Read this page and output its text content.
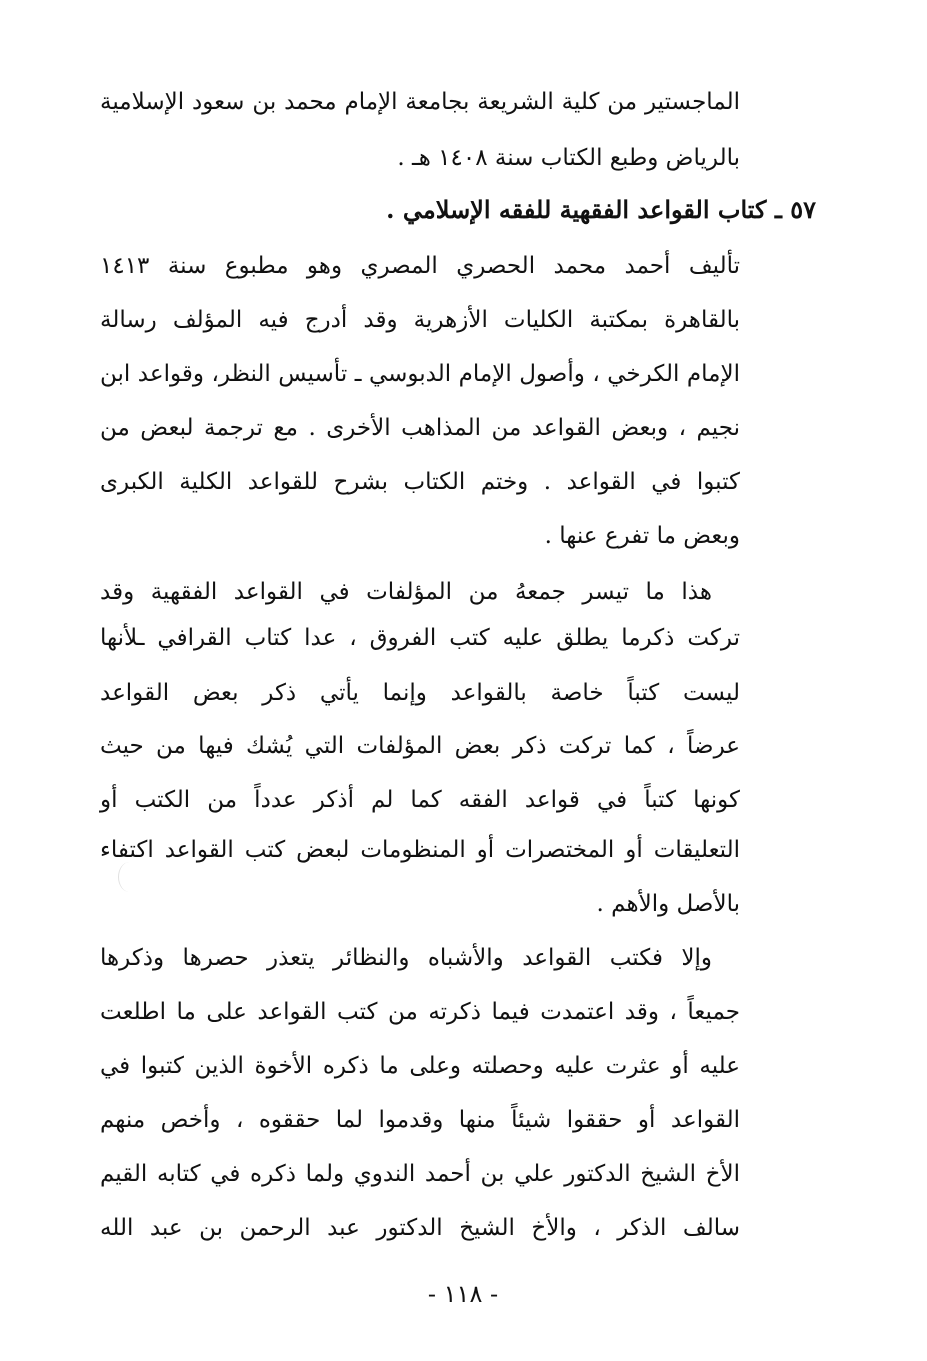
الماجستير من كلية الشريعة بجامعة الإمام محمد بن سعود الإسلامية
بالرياض وطبع الكتاب سنة ١٤٠٨ هـ .
٥٧ ـ كتاب القواعد الفقهية للفقه الإسلامي .
تأليف أحمد محمد الحصري المصري وهو مطبوع سنة ١٤١٣
بالقاهرة بمكتبة الكليات الأزهرية وقد أدرج فيه المؤلف رسالة
الإمام الكرخي ، وأصول الإمام الدبوسي ـ تأسيس النظر، وقواعد ابن
نجيم ، وبعض القواعد من المذاهب الأخرى . مع ترجمة لبعض من
كتبوا في القواعد . وختم الكتاب بشرح للقواعد الكلية الكبرى
وبعض ما تفرع عنها .
هذا ما تيسر جمعهُ من المؤلفات في القواعد الفقهية وقد
تركت ذكرما يطلق عليه كتب الفروق ، عدا كتاب القرافي ـلأنها
ليست كتباً خاصة بالقواعد وإنما يأتي ذكر بعض القواعد
عرضاً ، كما تركت ذكر بعض المؤلفات التي يُشك فيها من حيث
كونها كتباً في قواعد الفقه كما لم أذكر عدداً من الكتب أو
التعليقات أو المختصرات أو المنظومات لبعض كتب القواعد اكتفاء
بالأصل والأهم .
وإلا فكتب القواعد والأشباه والنظائر يتعذر حصرها وذكرها
جميعاً ، وقد اعتمدت فيما ذكرته من كتب القواعد على ما اطلعت
عليه أو عثرت عليه وحصلته وعلى ما ذكره الأخوة الذين كتبوا في
القواعد أو حققوا شيئاً منها وقدموا لما حققوه ، وأخص منهم
الأخ الشيخ الدكتور علي بن أحمد الندوي ولما ذكره في كتابه القيم
سالف الذكر ، والأخ الشيخ الدكتور عبد الرحمن بن عبد الله
- ١١٨ -
